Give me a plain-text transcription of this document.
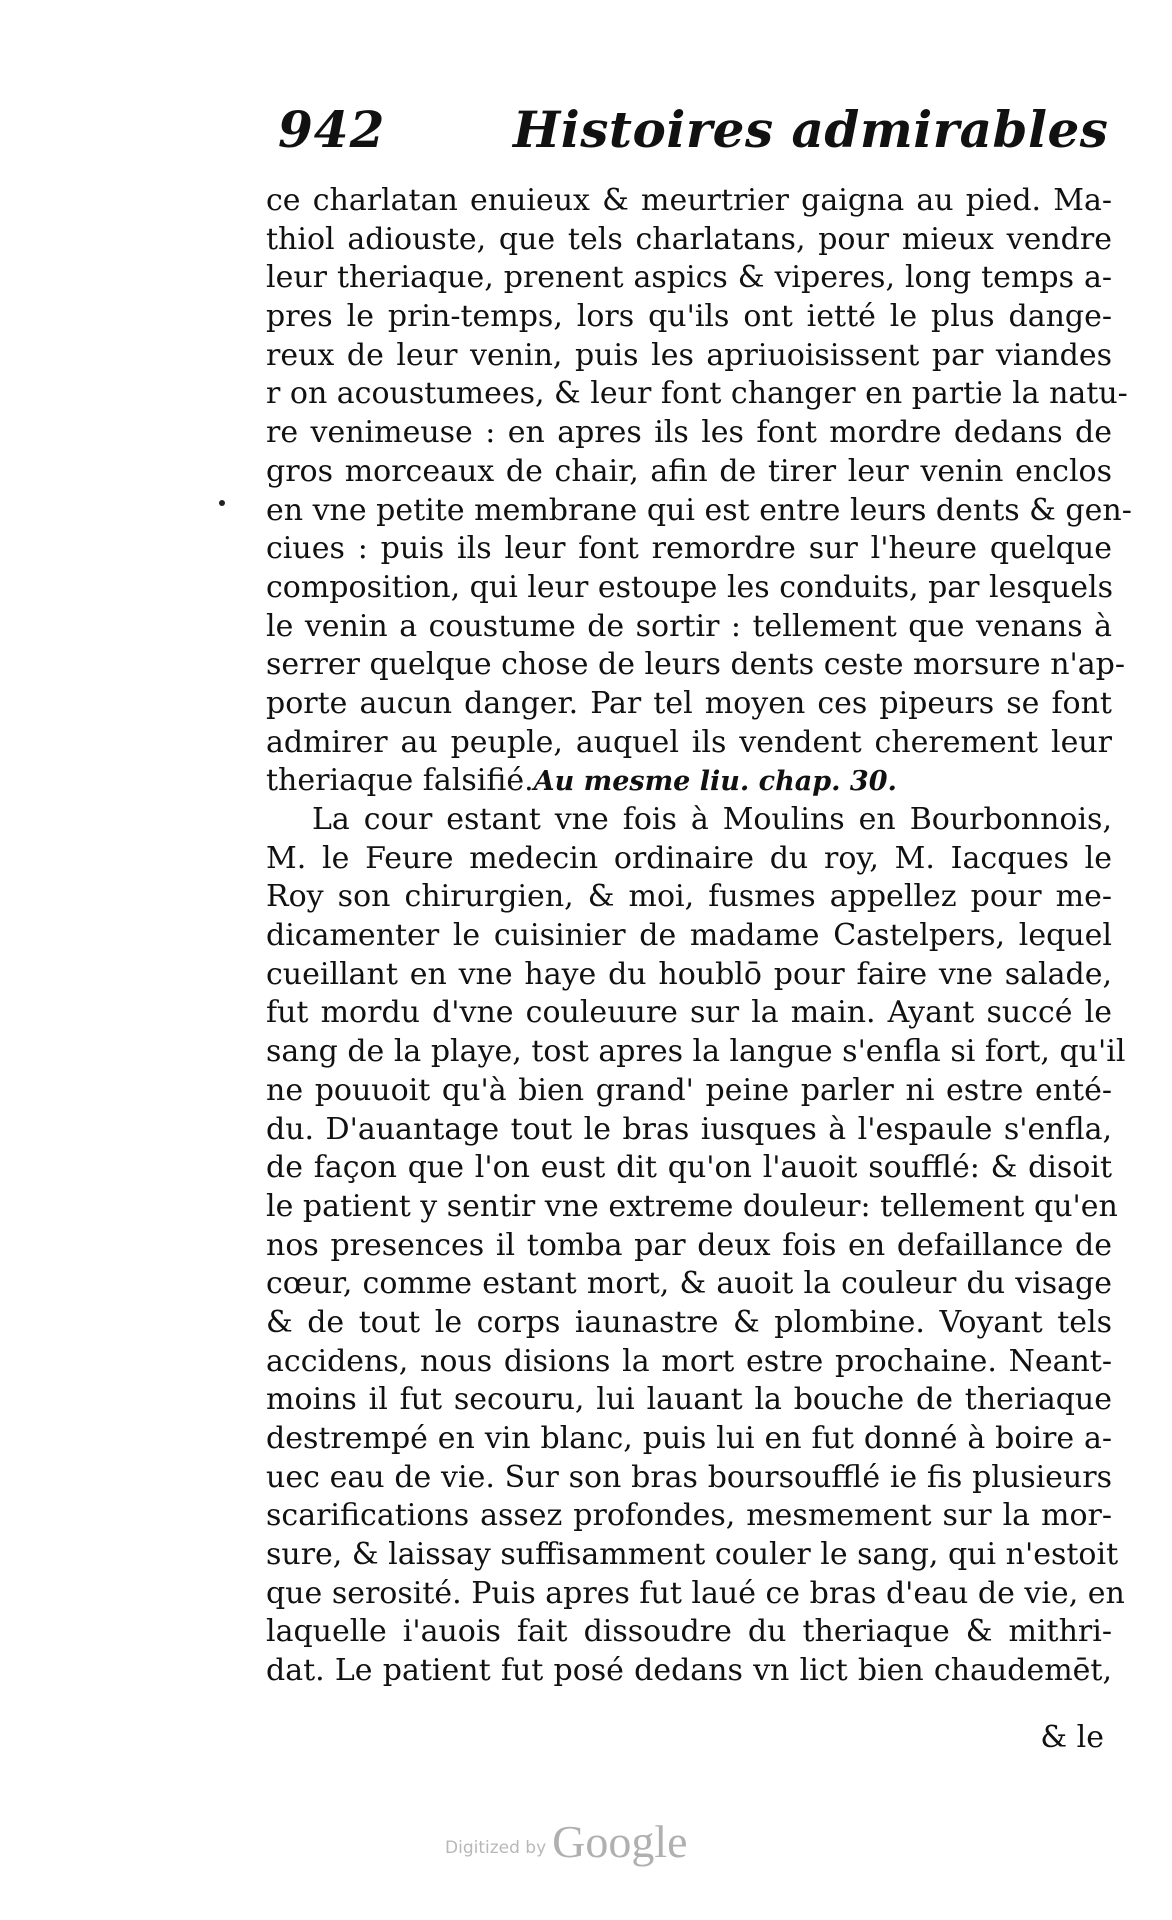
942	Histoires admirables
ce charlatan enuieux & meurtrier gaigna au pied. Ma-
thiol adiouste, que tels charlatans, pour mieux vendre
leur theriaque, prenent aspics & viperes, long temps a-
pres le prin-temps, lors qu'ils ont ietté le plus dange-
reux de leur venin, puis les apriuoisissent par viandes
r on acoustumees, & leur font changer en partie la natu-
re venimeuse : en apres ils les font mordre dedans de
gros morceaux de chair, afin de tirer leur venin enclos
en vne petite membrane qui est entre leurs dents & gen-
ciues : puis ils leur font remordre sur l'heure quelque
composition, qui leur estoupe les conduits, par lesquels
le venin a coustume de sortir : tellement que venans à
serrer quelque chose de leurs dents ceste morsure n'ap-
porte aucun danger. Par tel moyen ces pipeurs se font
admirer au peuple, auquel ils vendent cherement leur
theriaque falsifié.Au mesme liu. chap. 30.
La cour estant vne fois à Moulins en Bourbonnois,
M. le Feure medecin ordinaire du roy, M. Iacques le
Roy son chirurgien, & moi, fusmes appellez pour me-
dicamenter le cuisinier de madame Castelpers, lequel
cueillant en vne haye du houblō pour faire vne salade,
fut mordu d'vne couleuure sur la main. Ayant succé le
sang de la playe, tost apres la langue s'enfla si fort, qu'il
ne pouuoit qu'à bien grand' peine parler ni estre enté-
du. D'auantage tout le bras iusques à l'espaule s'enfla,
de façon que l'on eust dit qu'on l'auoit soufflé: & disoit
le patient y sentir vne extreme douleur: tellement qu'en
nos presences il tomba par deux fois en defaillance de
cœur, comme estant mort, & auoit la couleur du visage
& de tout le corps iaunastre & plombine. Voyant tels
accidens, nous disions la mort estre prochaine. Neant-
moins il fut secouru, lui lauant la bouche de theriaque
destrempé en vin blanc, puis lui en fut donné à boire a-
uec eau de vie. Sur son bras boursoufflé ie fis plusieurs
scarifications assez profondes, mesmement sur la mor-
sure, & laissay suffisamment couler le sang, qui n'estoit
que serosité. Puis apres fut laué ce bras d'eau de vie, en
laquelle i'auois fait dissoudre du theriaque & mithri-
dat. Le patient fut posé dedans vn lict bien chaudemēt,
& le
Digitized by Google
